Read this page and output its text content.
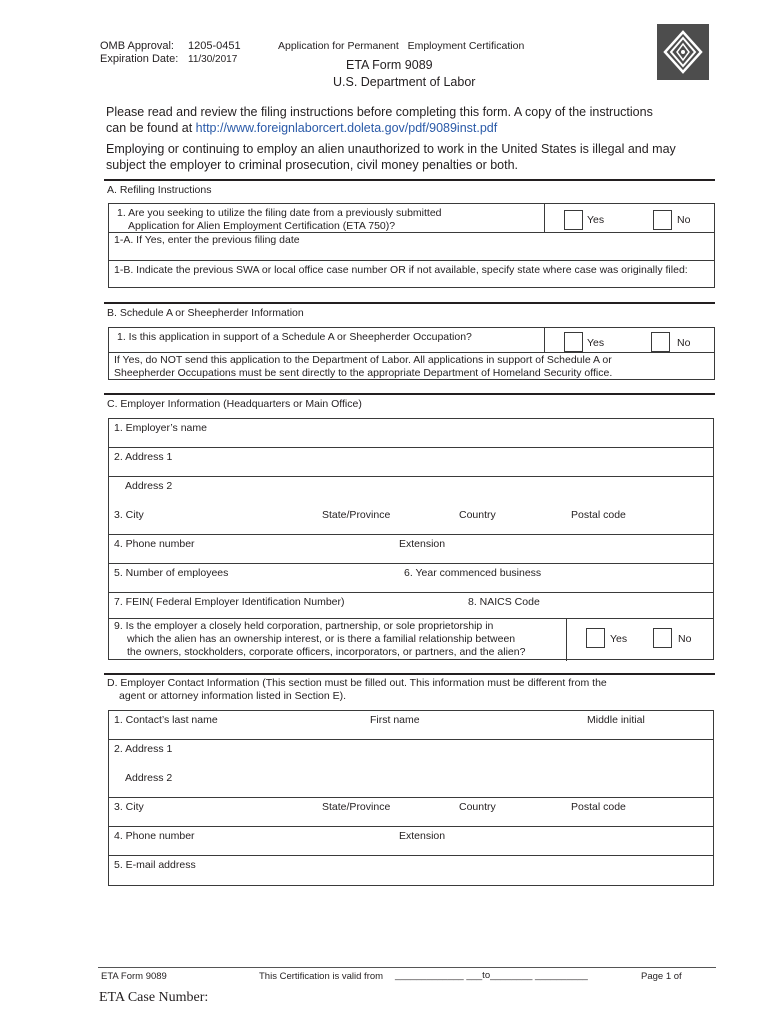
OMB Approval: 1205-0451
Expiration Date: 11/30/2017
Application for Permanent   Employment Certification
ETA Form 9089
U.S. Department of Labor
Please read and review the filing instructions before completing this form. A copy of the instructions
can be found at http://www.foreignlaborcert.doleta.gov/pdf/9089inst.pdf
Employing or continuing to employ an alien unauthorized to work in the United States is illegal and may
subject the employer to criminal prosecution, civil money penalties or both.
A. Refiling Instructions
1. Are you seeking to utilize the filing date from a previously submitted
Application for Alien Employment Certification (ETA 750)?	Yes	No
1-A. If Yes, enter the previous filing date
1-B. Indicate the previous SWA or local office case number OR if not available, specify state where case was originally filed:
B. Schedule A or Sheepherder Information
1. Is this application in support of a Schedule A or Sheepherder Occupation?	Yes	No
If Yes, do NOT send this application to the Department of Labor. All applications in support of Schedule A or
Sheepherder Occupations must be sent directly to the appropriate Department of Homeland Security office.
C. Employer Information (Headquarters or Main Office)
1. Employer’s name
2. Address 1
Address 2
3. City	State/Province	Country	Postal code
4. Phone number	Extension
5. Number of employees	6. Year commenced business
7. FEIN( Federal Employer Identification Number)	8. NAICS Code
9. Is the employer a closely held corporation, partnership, or sole proprietorship in
which the alien has an ownership interest, or is there a familial relationship between
the owners, stockholders, corporate officers, incorporators, or partners, and the alien?
Yes	No
D. Employer Contact Information (This section must be filled out. This information must be different from the
agent or attorney information listed in Section E).
1. Contact’s last name	First name	Middle initial
2. Address 1
Address 2
3. City	State/Province	Country	Postal code
4. Phone number	Extension
5. E-mail address
ETA Form 9089	This Certification is valid from _____________ ___to________ __________	Page 1 of
ETA Case Number:
